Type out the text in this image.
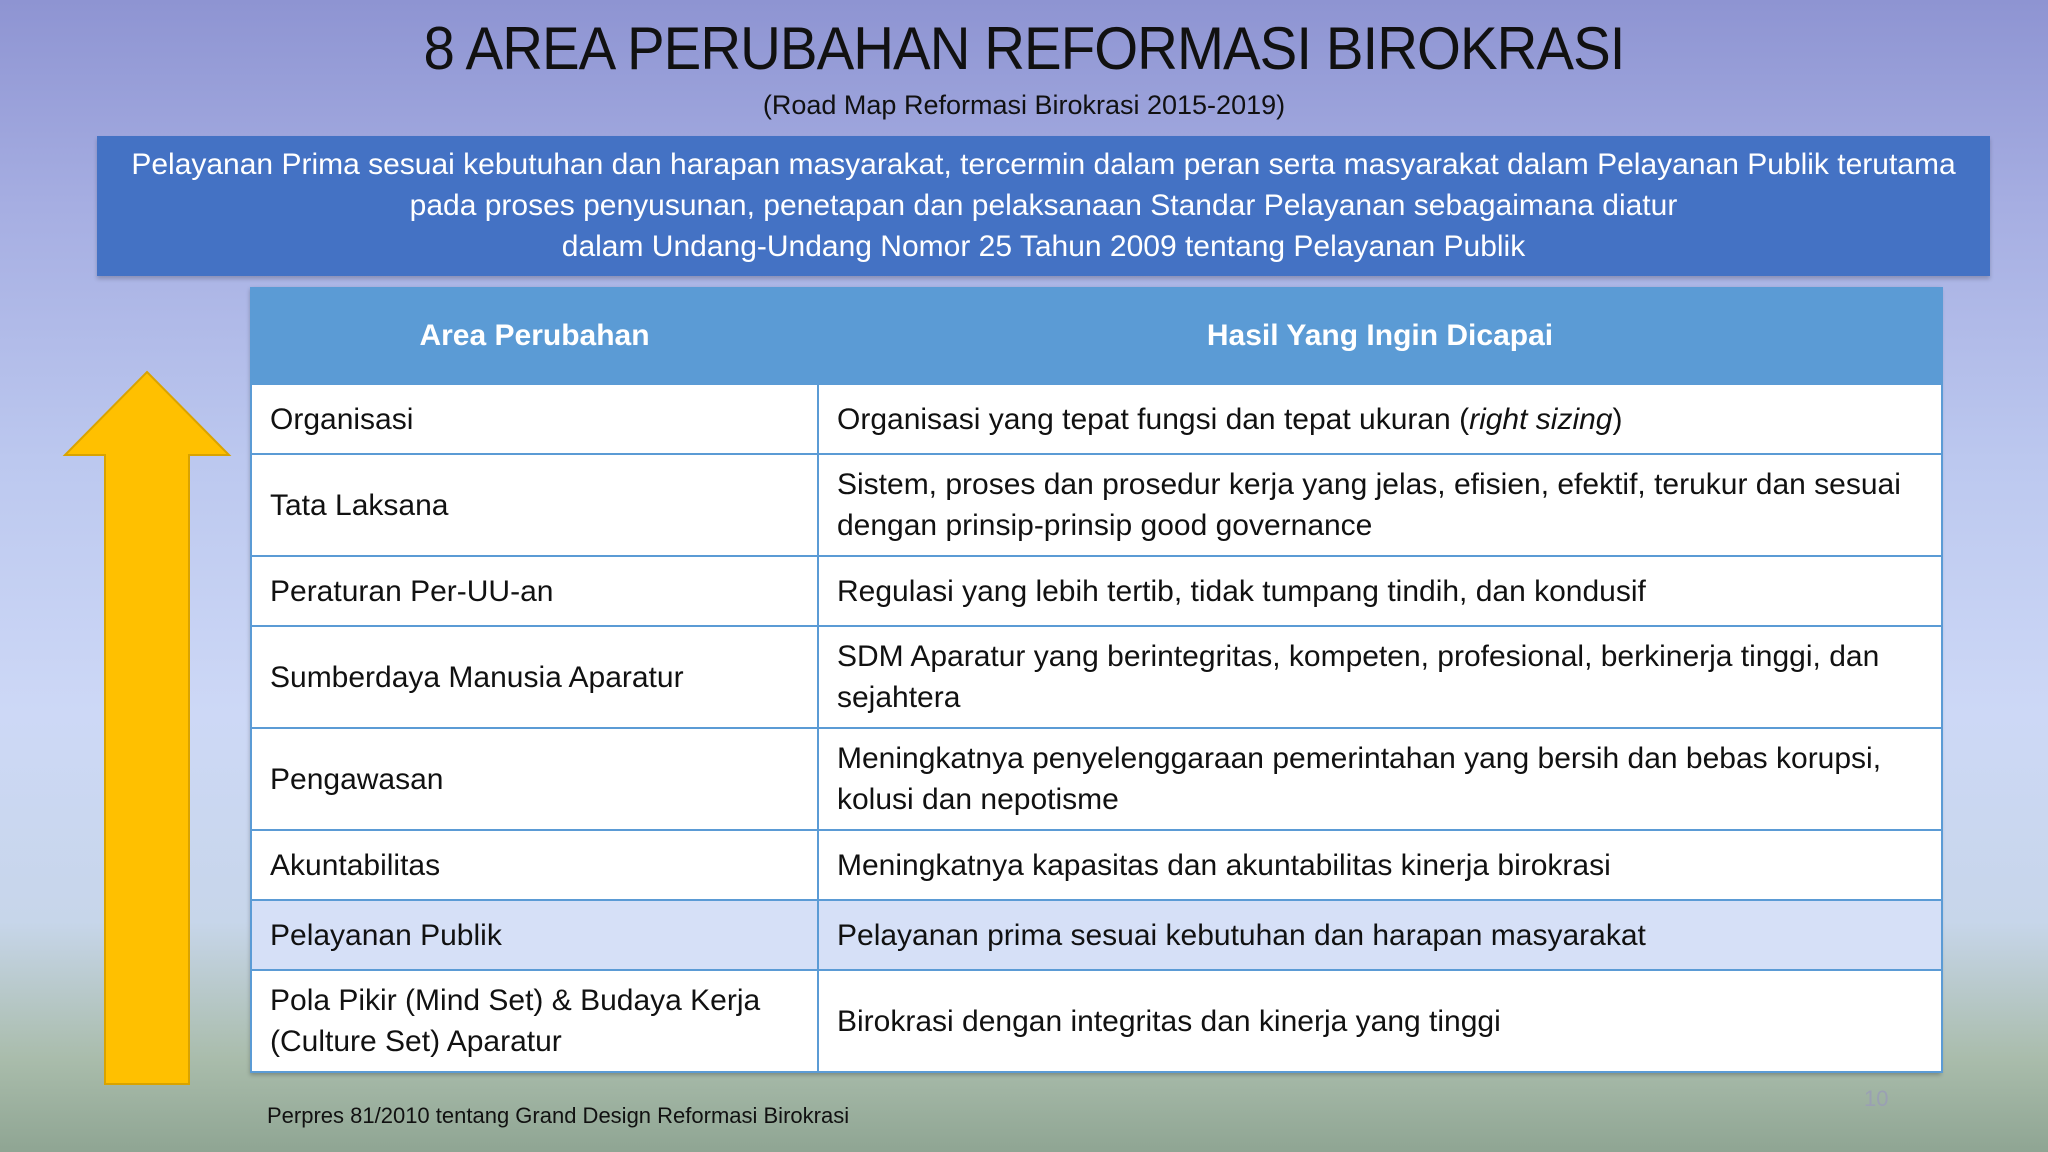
8 AREA PERUBAHAN REFORMASI BIROKRASI
(Road Map Reformasi Birokrasi 2015-2019)
Pelayanan Prima sesuai kebutuhan dan harapan masyarakat, tercermin dalam peran serta masyarakat dalam Pelayanan Publik terutama
pada proses penyusunan, penetapan dan pelaksanaan Standar Pelayanan sebagaimana diatur
dalam Undang-Undang Nomor 25 Tahun 2009 tentang Pelayanan Publik
Area Perubahan	Hasil Yang Ingin Dicapai
Organisasi	Organisasi yang tepat fungsi dan tepat ukuran (right sizing)
Tata Laksana	Sistem, proses dan prosedur kerja yang jelas, efisien, efektif, terukur dan sesuai dengan prinsip-prinsip good governance
Peraturan Per-UU-an	Regulasi yang lebih tertib, tidak tumpang tindih, dan kondusif
Sumberdaya Manusia Aparatur	SDM Aparatur yang berintegritas, kompeten, profesional, berkinerja tinggi, dan sejahtera
Pengawasan	Meningkatnya penyelenggaraan pemerintahan yang bersih dan bebas korupsi, kolusi dan nepotisme
Akuntabilitas	Meningkatnya kapasitas dan akuntabilitas kinerja birokrasi
Pelayanan Publik	Pelayanan prima sesuai kebutuhan dan harapan masyarakat
Pola Pikir (Mind Set) & Budaya Kerja (Culture Set) Aparatur	Birokrasi dengan integritas dan kinerja yang tinggi
Perpres 81/2010 tentang Grand Design Reformasi Birokrasi
10
